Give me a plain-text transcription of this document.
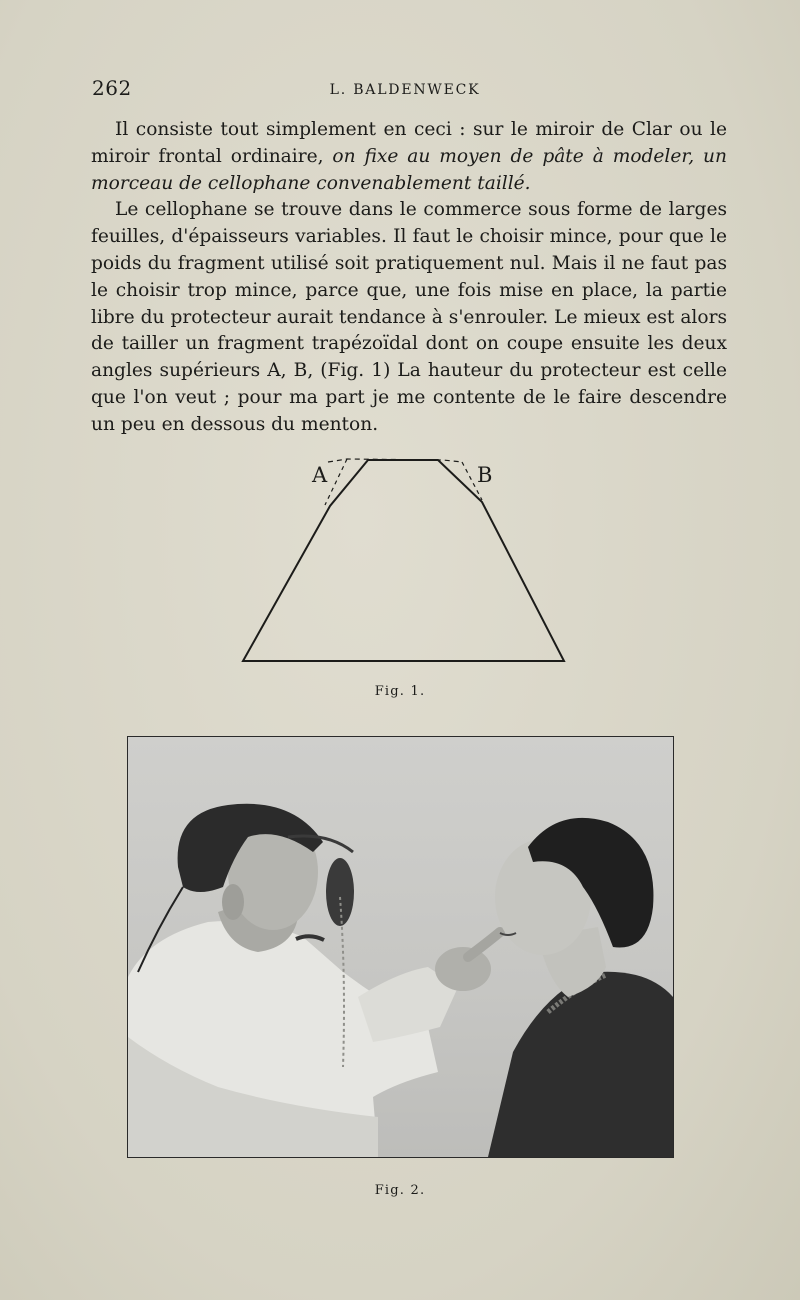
262	L. BALDENWECK

Il consiste tout simplement en ceci : sur le miroir de Clar ou le miroir frontal ordinaire, on fixe au moyen de pâte à modeler, un morceau de cellophane convenablement taillé.

Le cellophane se trouve dans le commerce sous forme de larges feuilles, d'épaisseurs variables. Il faut le choisir mince, pour que le poids du fragment utilisé soit pratiquement nul. Mais il ne faut pas le choisir trop mince, parce que, une fois mise en place, la partie libre du protecteur aurait tendance à s'enrouler. Le mieux est alors de tailler un fragment trapézoïdal dont on coupe ensuite les deux angles supérieurs A, B, (Fig. 1) La hauteur du protecteur est celle que l'on veut ; pour ma part je me contente de le faire descendre un peu en dessous du menton.

A	B
Fig. 1.
Fig. 2.
